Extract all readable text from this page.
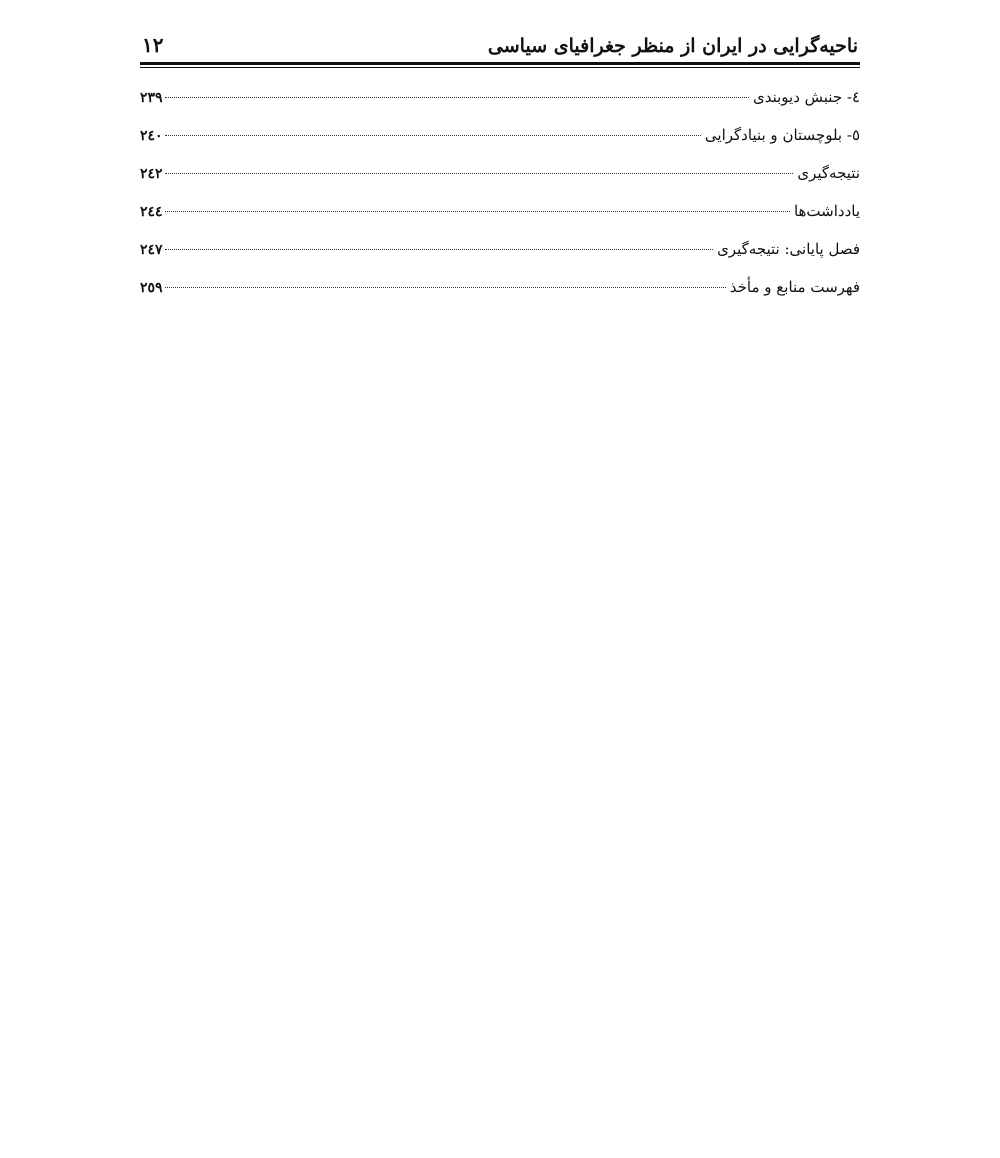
ناحیه‌گرایی در ایران از منظر جغرافیای سیاسی
۱۲
٤- جنبش دیوبندی
۲۳۹
٥- بلوچستان و بنیادگرایی
۲٤۰
نتیجه‌گیری
۲٤۲
یادداشت‌ها
۲٤٤
فصل پایانی: نتیجه‌گیری
۲٤۷
فهرست منابع و مأخذ
۲٥۹
